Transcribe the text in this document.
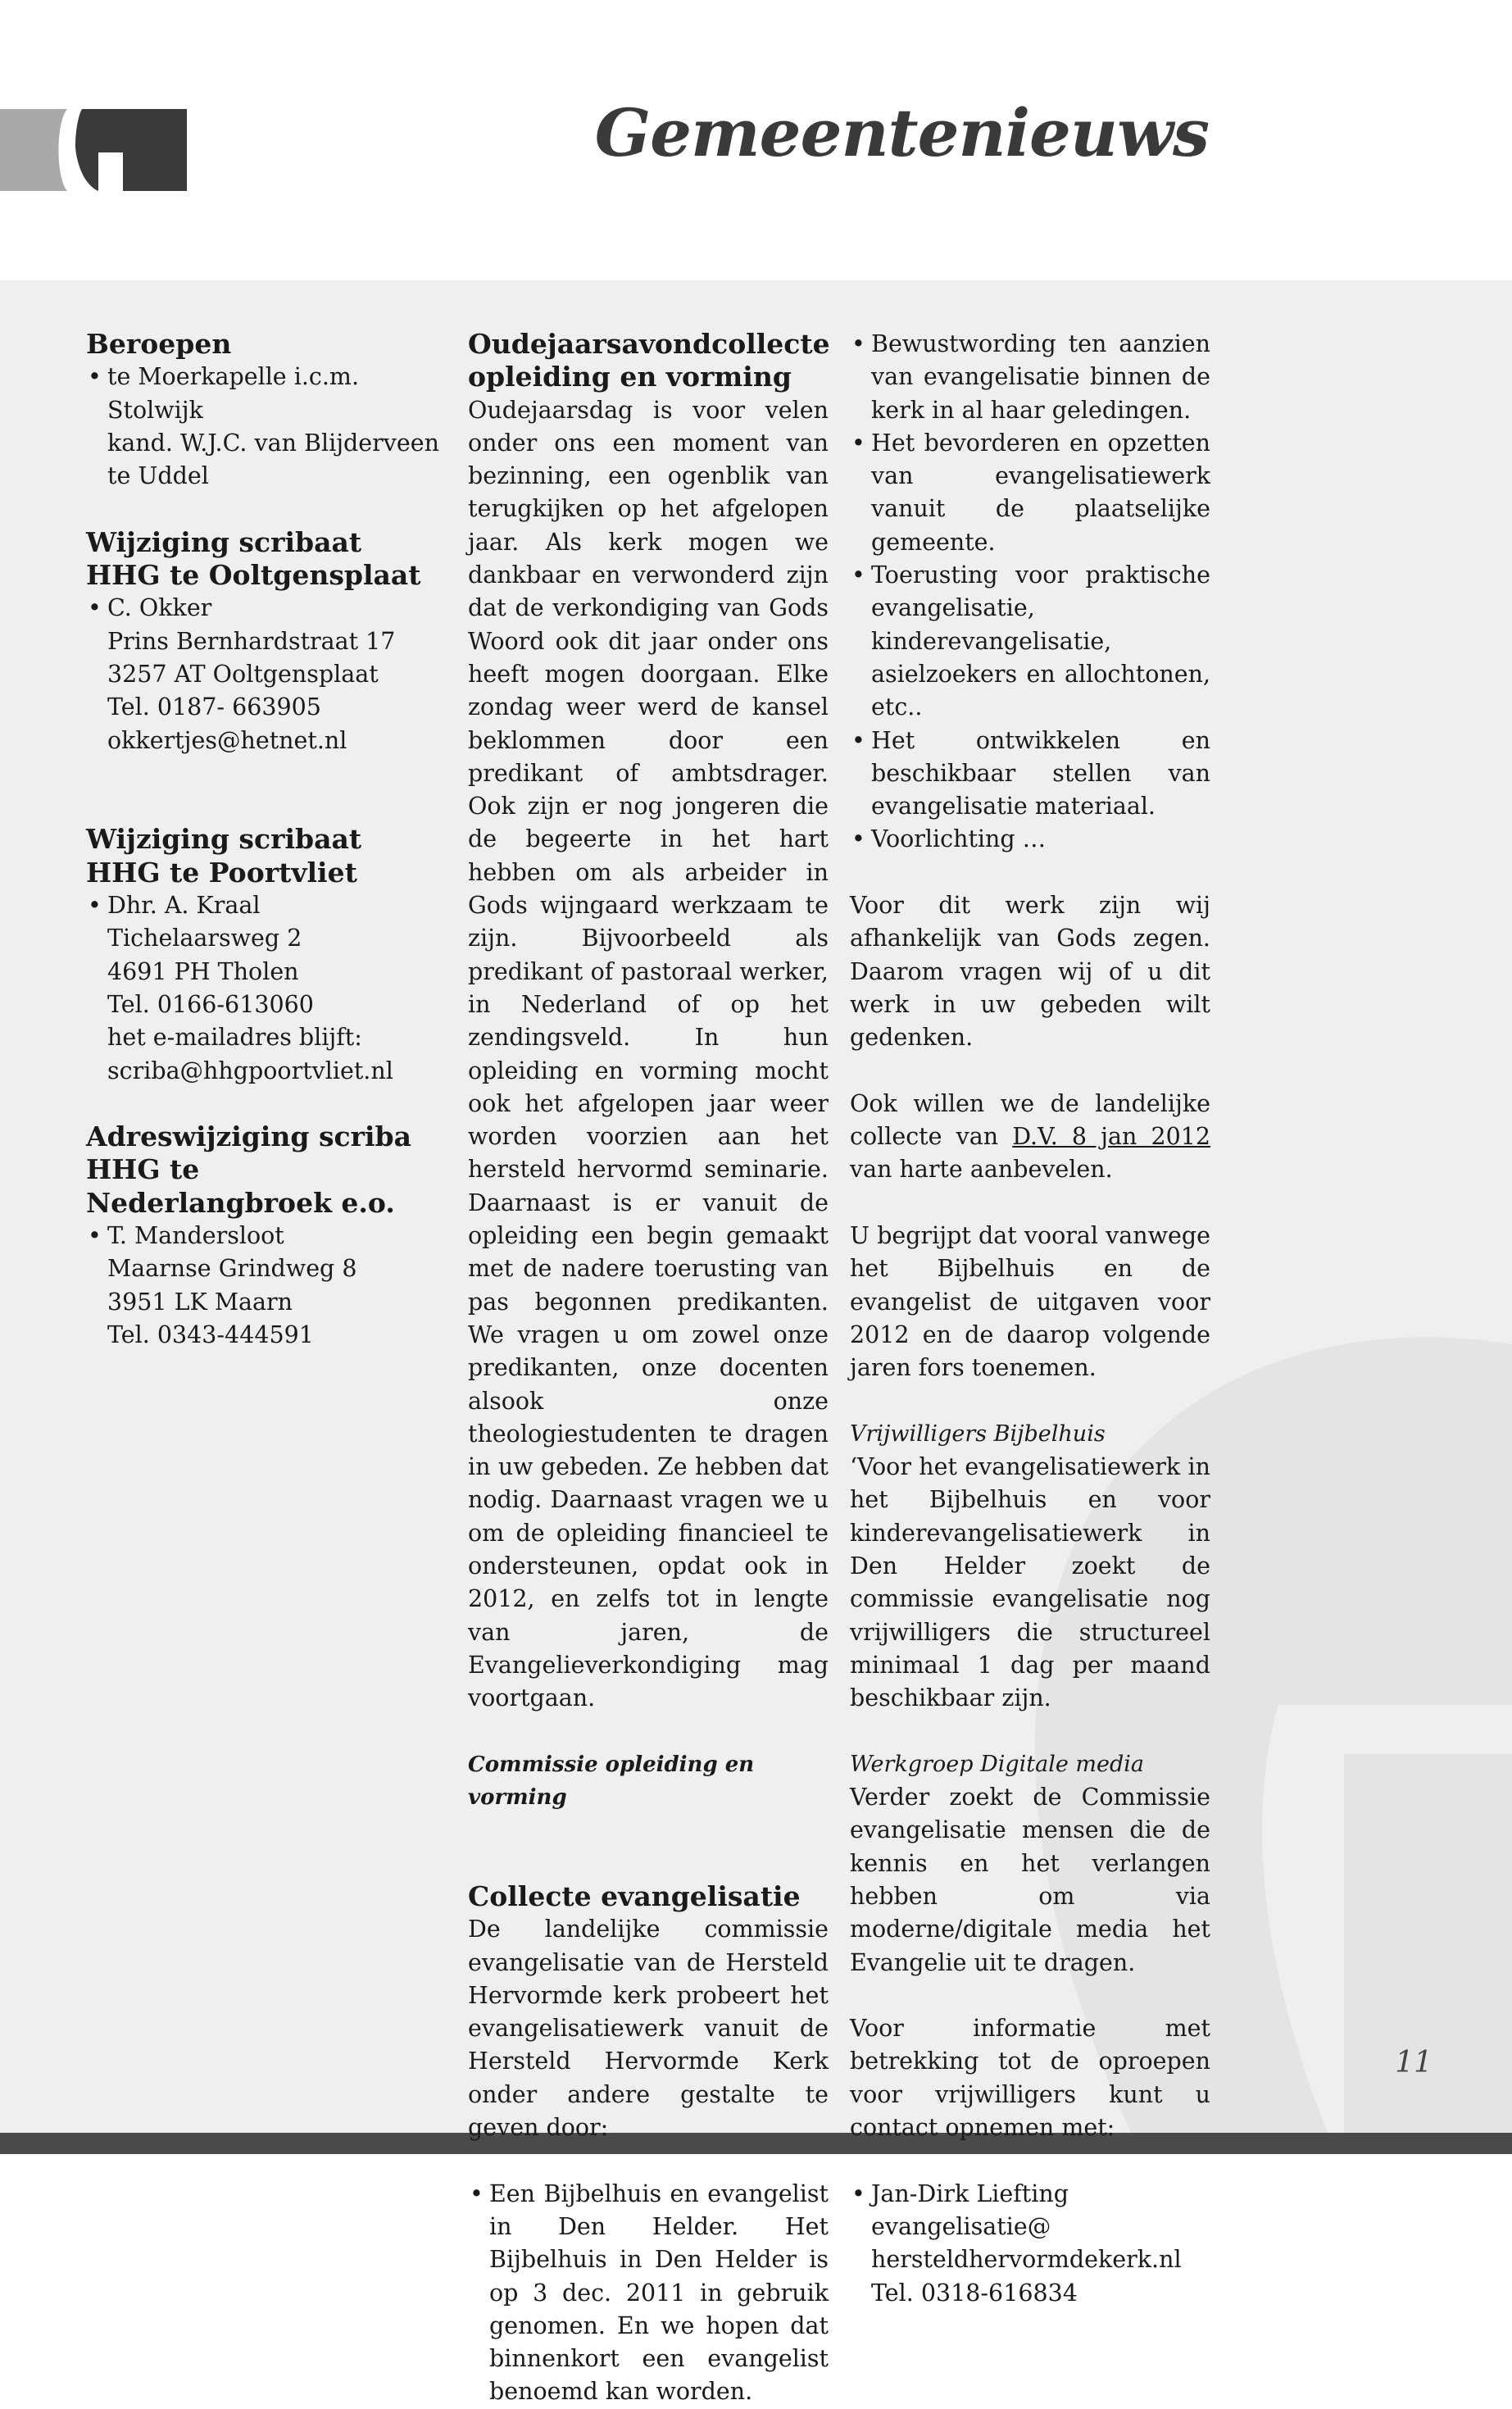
Gemeentenieuws

Beroepen

• te Moerkapelle i.c.m. Stolwijk

kand. W.J.C. van Blijderveen

te Uddel

Wijziging scribaat

HHG te Ooltgensplaat

• C. Okker

Prins Bernhardstraat 17

3257 AT Ooltgensplaat

Tel. 0187- 663905

okkertjes@hetnet.nl

Wijziging scribaat

HHG te Poortvliet

• Dhr. A. Kraal

Tichelaarsweg 2

4691 PH Tholen

Tel. 0166-613060

het e-mailadres blijft:

scriba@hhgpoortvliet.nl

Adreswijziging scriba

HHG te Nederlangbroek e.o.

• T. Mandersloot

Maarnse Grindweg 8

3951 LK Maarn

Tel. 0343-444591

Oudejaarsavondcollecte

opleiding en vorming

Oudejaarsdag is voor velen onder ons een moment van bezinning, een ogenblik van terugkijken op het afgelopen jaar. Als kerk mogen we dankbaar en verwonderd zijn dat de verkondiging van Gods Woord ook dit jaar onder ons heeft mogen doorgaan. Elke zondag weer werd de kansel beklommen door een predikant of ambtsdrager. Ook zijn er nog jongeren die de begeerte in het hart hebben om als arbeider in Gods wijngaard werkzaam te zijn. Bijvoorbeeld als predikant of pastoraal werker, in Nederland of op het zendingsveld. In hun opleiding en vorming mocht ook het afgelopen jaar weer worden voorzien aan het hersteld hervormd seminarie. Daarnaast is er vanuit de opleiding een begin gemaakt met de nadere toerusting van pas begonnen predikanten. We vragen u om zowel onze predikanten, onze docenten alsook onze theologiestudenten te dragen in uw gebeden. Ze hebben dat nodig. Daarnaast vragen we u om de opleiding financieel te ondersteunen, opdat ook in 2012, en zelfs tot in lengte van jaren, de Evangelieverkondiging mag voortgaan.

Commissie opleiding en vorming

Collecte evangelisatie

De landelijke commissie evangelisatie van de Hersteld Hervormde kerk probeert het evangelisatiewerk vanuit de Hersteld Hervormde Kerk onder andere gestalte te geven door:

• Een Bijbelhuis en evangelist in Den Helder. Het Bijbelhuis in Den Helder is op 3 dec. 2011 in gebruik genomen. En we hopen dat binnenkort een evangelist benoemd kan worden.

• Bewustwording ten aanzien van evangelisatie binnen de kerk in al haar geledingen.

• Het bevorderen en opzetten van evangelisatiewerk vanuit de plaatselijke gemeente.

• Toerusting voor praktische evangelisatie, kinderevangelisatie, asielzoekers en allochtonen, etc..

• Het ontwikkelen en beschikbaar stellen van evangelisatie materiaal.

• Voorlichting …

Voor dit werk zijn wij afhankelijk van Gods zegen. Daarom vragen wij of u dit werk in uw gebeden wilt gedenken.

Ook willen we de landelijke collecte van D.V. 8 jan 2012 van harte aanbevelen.

U begrijpt dat vooral vanwege het Bijbelhuis en de evangelist de uitgaven voor 2012 en de daarop volgende jaren fors toenemen.

Vrijwilligers Bijbelhuis

‘Voor het evangelisatiewerk in het Bijbelhuis en voor kinderevangelisatiewerk in Den Helder zoekt de commissie evangelisatie nog vrijwilligers die structureel minimaal 1 dag per maand beschikbaar zijn.

Werkgroep Digitale media

Verder zoekt de Commissie evangelisatie mensen die de kennis en het verlangen hebben om via moderne/digitale media het Evangelie uit te dragen.

Voor informatie met betrekking tot de oproepen voor vrijwilligers kunt u contact opnemen met:

• Jan-Dirk Liefting

evangelisatie@

hersteldhervormdekerk.nl

Tel. 0318-616834

11
